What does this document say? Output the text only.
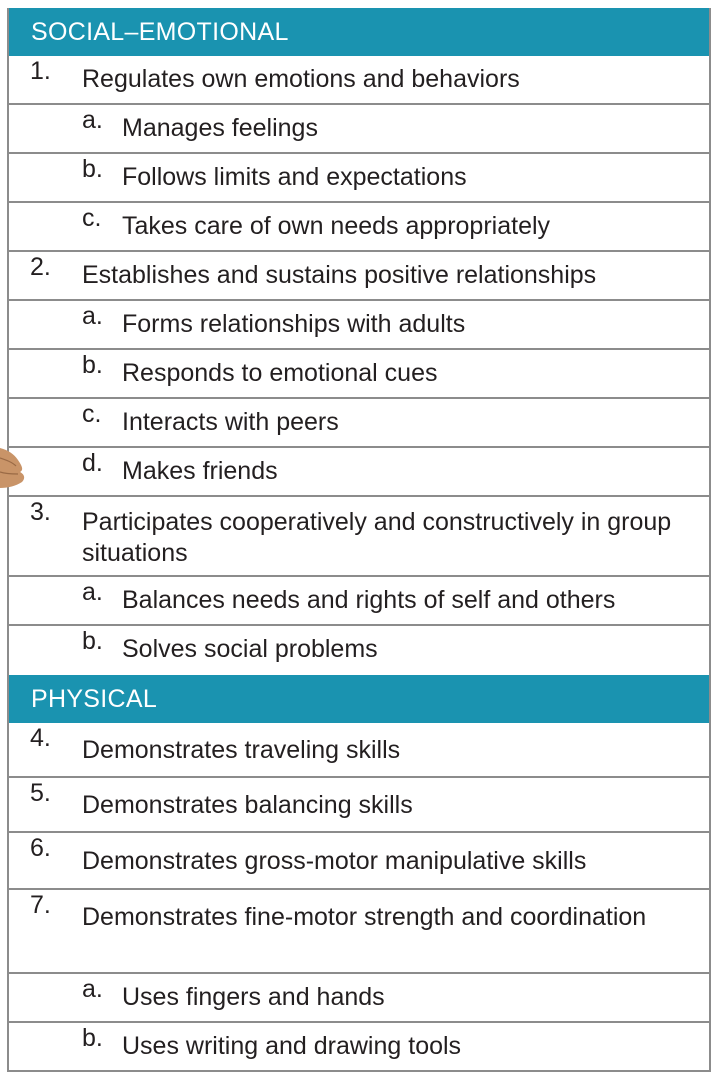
SOCIAL–EMOTIONAL
1.	Regulates own emotions and behaviors
a. Manages feelings
b. Follows limits and expectations
c. Takes care of own needs appropriately
2.	Establishes and sustains positive relationships
a. Forms relationships with adults
b. Responds to emotional cues
c. Interacts with peers
d. Makes friends
3.	Participates cooperatively and constructively in group situations
a. Balances needs and rights of self and others
b. Solves social problems
PHYSICAL
4.	Demonstrates traveling skills
5.	Demonstrates balancing skills
6.	Demonstrates gross-motor manipulative skills
7.	Demonstrates fine-motor strength and coordination
a. Uses fingers and hands
b. Uses writing and drawing tools
